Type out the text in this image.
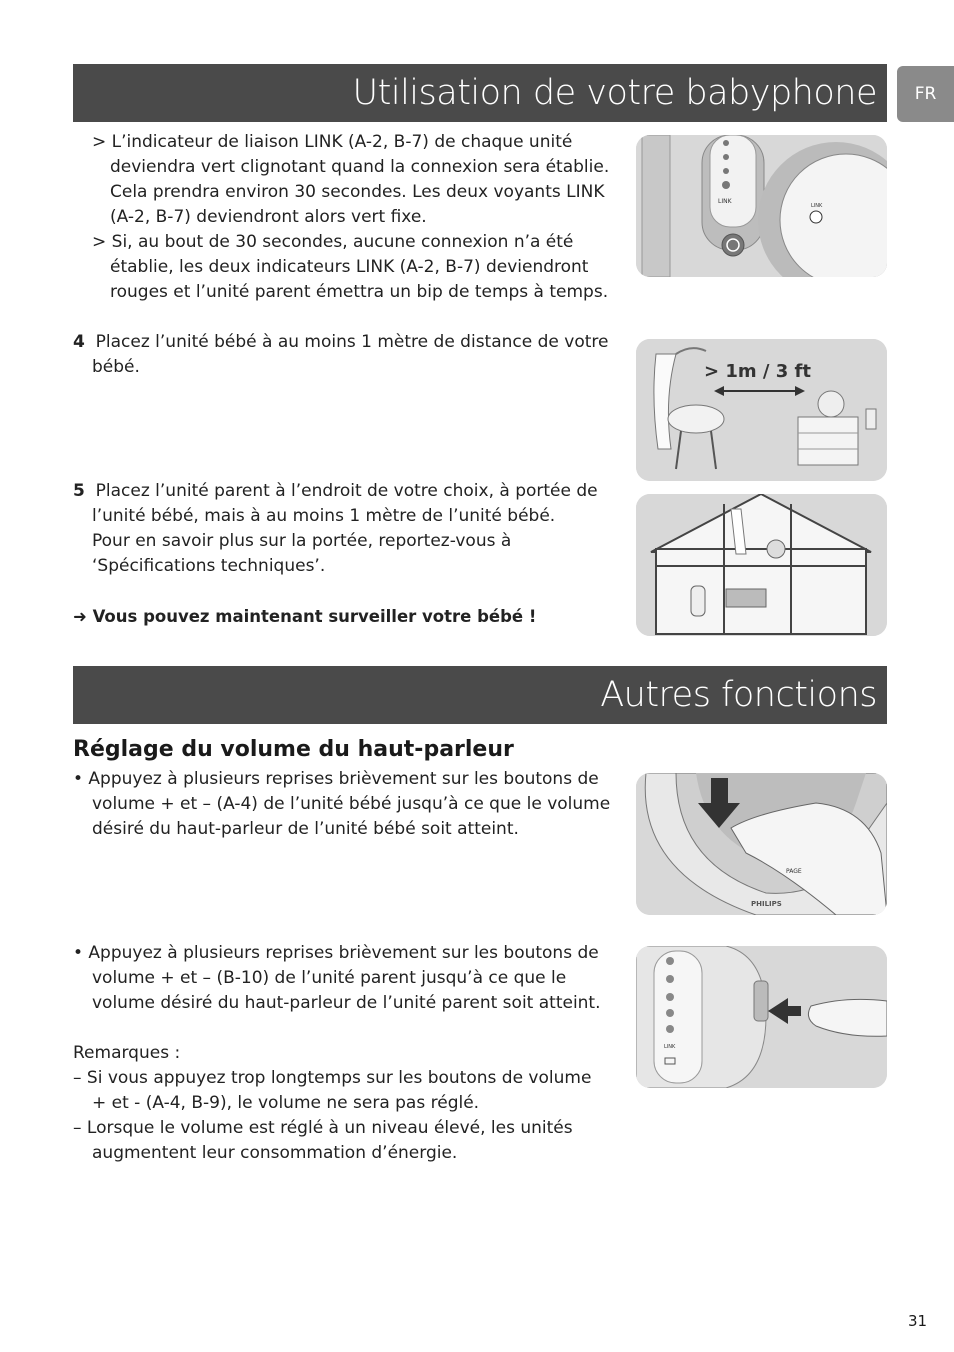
Utilisation de votre babyphone	FR
> L’indicateur de liaison LINK (A-2, B-7) de chaque unité
deviendra vert clignotant quand la connexion sera établie.
Cela prendra environ 30 secondes. Les deux voyants LINK
(A-2, B-7) deviendront alors vert fixe.
> Si, au bout de 30 secondes, aucune connexion n’a été
établie, les deux indicateurs LINK (A-2, B-7) deviendront
rouges et l’unité parent émettra un bip de temps à temps.
4 Placez l’unité bébé à au moins 1 mètre de distance de votre
bébé.
5 Placez l’unité parent à l’endroit de votre choix, à portée de
l’unité bébé, mais à au moins 1 mètre de l’unité bébé.
Pour en savoir plus sur la portée, reportez-vous à
‘Spécifications techniques’.
➜ Vous pouvez maintenant surveiller votre bébé !
LINK
LINK
> 1m / 3 ft
Autres fonctions
Réglage du volume du haut-parleur
• Appuyez à plusieurs reprises brièvement sur les boutons de
volume + et – (A-4) de l’unité bébé jusqu’à ce que le volume
désiré du haut-parleur de l’unité bébé soit atteint.
• Appuyez à plusieurs reprises brièvement sur les boutons de
volume + et – (B-10) de l’unité parent jusqu’à ce que le
volume désiré du haut-parleur de l’unité parent soit atteint.
Remarques :
– Si vous appuyez trop longtemps sur les boutons de volume
+ et - (A-4, B-9), le volume ne sera pas réglé.
– Lorsque le volume est réglé à un niveau élevé, les unités
augmentent leur consommation d’énergie.
PAGE
PHILIPS
LINK
31
